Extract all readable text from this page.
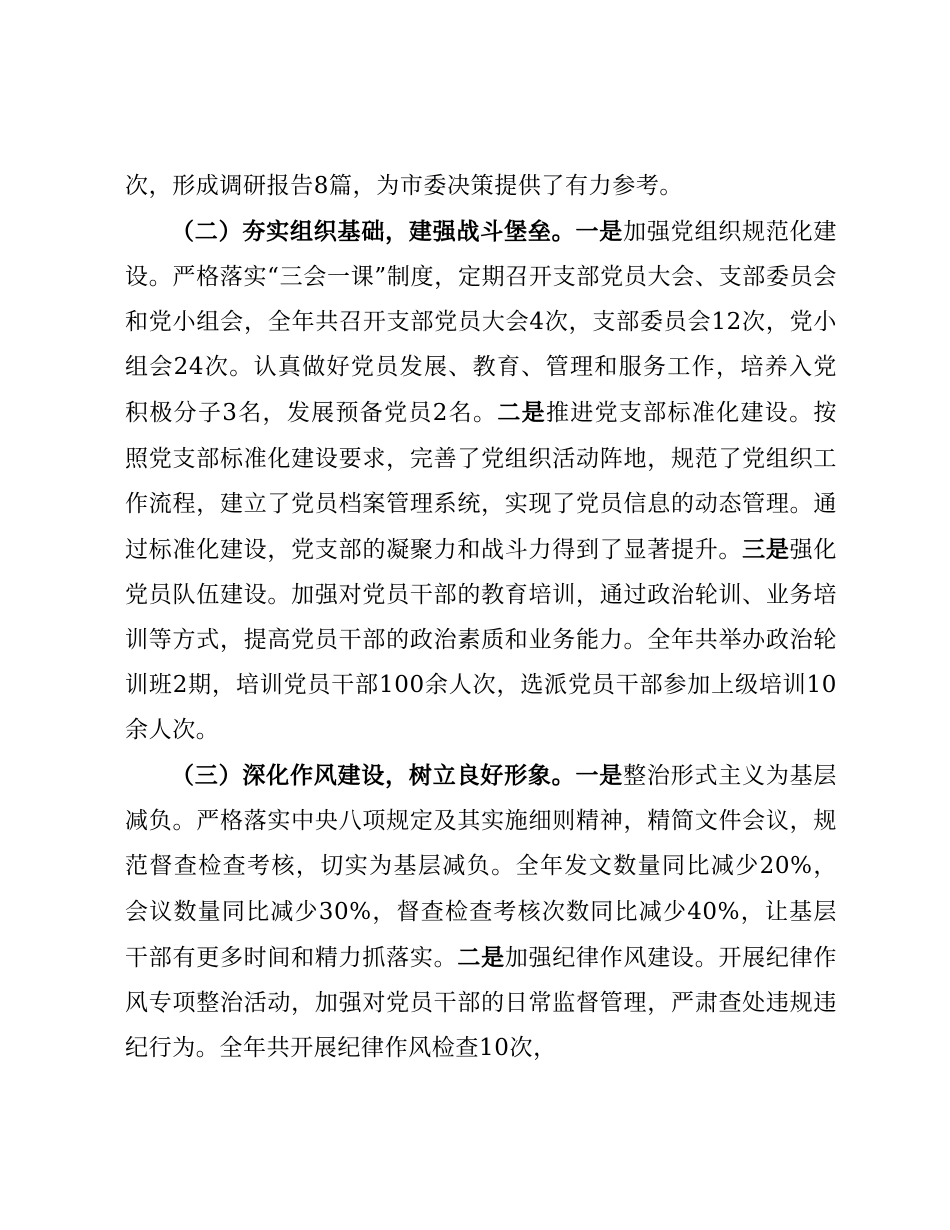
次，形成调研报告8篇，为市委决策提供了有力参考。

（二）夯实组织基础，建强战斗堡垒。一是加强党组织规范化建设。严格落实“三会一课”制度，定期召开支部党员大会、支部委员会和党小组会，全年共召开支部党员大会4次，支部委员会12次，党小组会24次。认真做好党员发展、教育、管理和服务工作，培养入党积极分子3名，发展预备党员2名。二是推进党支部标准化建设。按照党支部标准化建设要求，完善了党组织活动阵地，规范了党组织工作流程，建立了党员档案管理系统，实现了党员信息的动态管理。通过标准化建设，党支部的凝聚力和战斗力得到了显著提升。三是强化党员队伍建设。加强对党员干部的教育培训，通过政治轮训、业务培训等方式，提高党员干部的政治素质和业务能力。全年共举办政治轮训班2期，培训党员干部100余人次，选派党员干部参加上级培训10余人次。

（三）深化作风建设，树立良好形象。一是整治形式主义为基层减负。严格落实中央八项规定及其实施细则精神，精简文件会议，规范督查检查考核，切实为基层减负。全年发文数量同比减少20%，会议数量同比减少30%，督查检查考核次数同比减少40%，让基层干部有更多时间和精力抓落实。二是加强纪律作风建设。开展纪律作风专项整治活动，加强对党员干部的日常监督管理，严肃查处违规违纪行为。全年共开展纪律作风检查10次，
